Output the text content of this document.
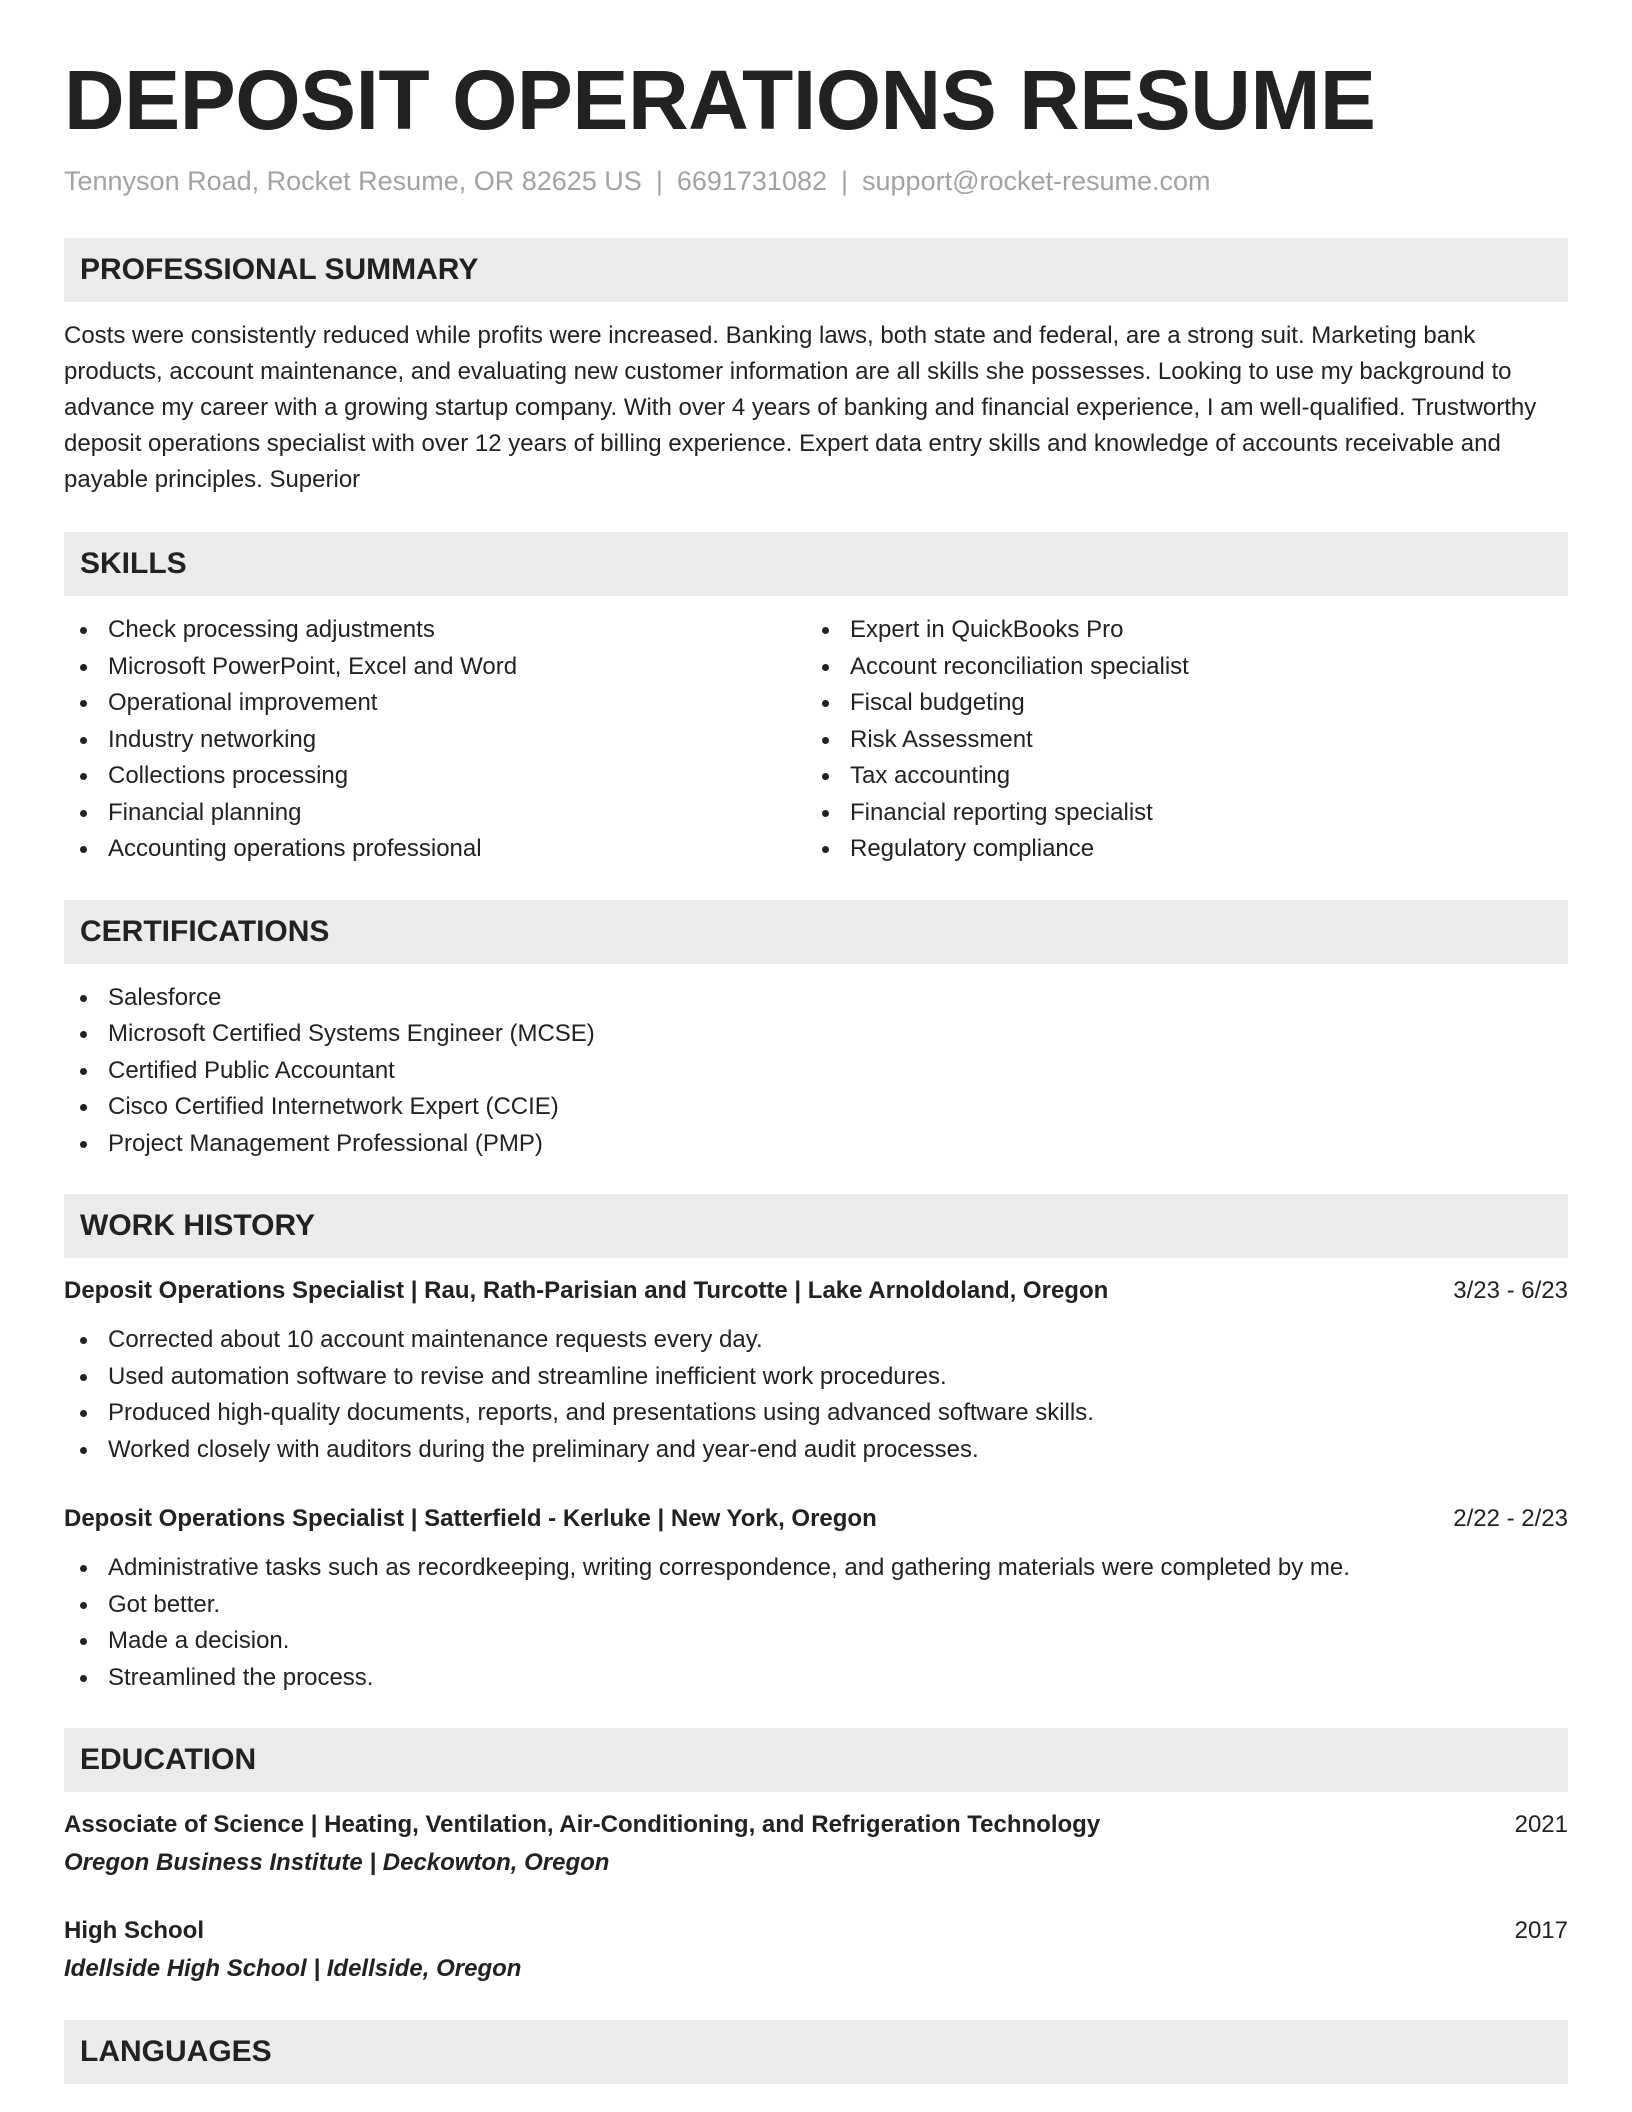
DEPOSIT OPERATIONS RESUME
Tennyson Road, Rocket Resume, OR 82625 US | 6691731082 | support@rocket-resume.com
PROFESSIONAL SUMMARY
Costs were consistently reduced while profits were increased. Banking laws, both state and federal, are a strong suit. Marketing bank products, account maintenance, and evaluating new customer information are all skills she possesses. Looking to use my background to advance my career with a growing startup company. With over 4 years of banking and financial experience, I am well-qualified. Trustworthy deposit operations specialist with over 12 years of billing experience. Expert data entry skills and knowledge of accounts receivable and payable principles. Superior
SKILLS
Check processing adjustments
Microsoft PowerPoint, Excel and Word
Operational improvement
Industry networking
Collections processing
Financial planning
Accounting operations professional
Expert in QuickBooks Pro
Account reconciliation specialist
Fiscal budgeting
Risk Assessment
Tax accounting
Financial reporting specialist
Regulatory compliance
CERTIFICATIONS
Salesforce
Microsoft Certified Systems Engineer (MCSE)
Certified Public Accountant
Cisco Certified Internetwork Expert (CCIE)
Project Management Professional (PMP)
WORK HISTORY
Deposit Operations Specialist | Rau, Rath-Parisian and Turcotte | Lake Arnoldoland, Oregon	3/23 - 6/23
Corrected about 10 account maintenance requests every day.
Used automation software to revise and streamline inefficient work procedures.
Produced high-quality documents, reports, and presentations using advanced software skills.
Worked closely with auditors during the preliminary and year-end audit processes.
Deposit Operations Specialist | Satterfield - Kerluke | New York, Oregon	2/22 - 2/23
Administrative tasks such as recordkeeping, writing correspondence, and gathering materials were completed by me.
Got better.
Made a decision.
Streamlined the process.
EDUCATION
Associate of Science | Heating, Ventilation, Air-Conditioning, and Refrigeration Technology	2021
Oregon Business Institute | Deckowton, Oregon
High School	2017
Idellside High School | Idellside, Oregon
LANGUAGES
